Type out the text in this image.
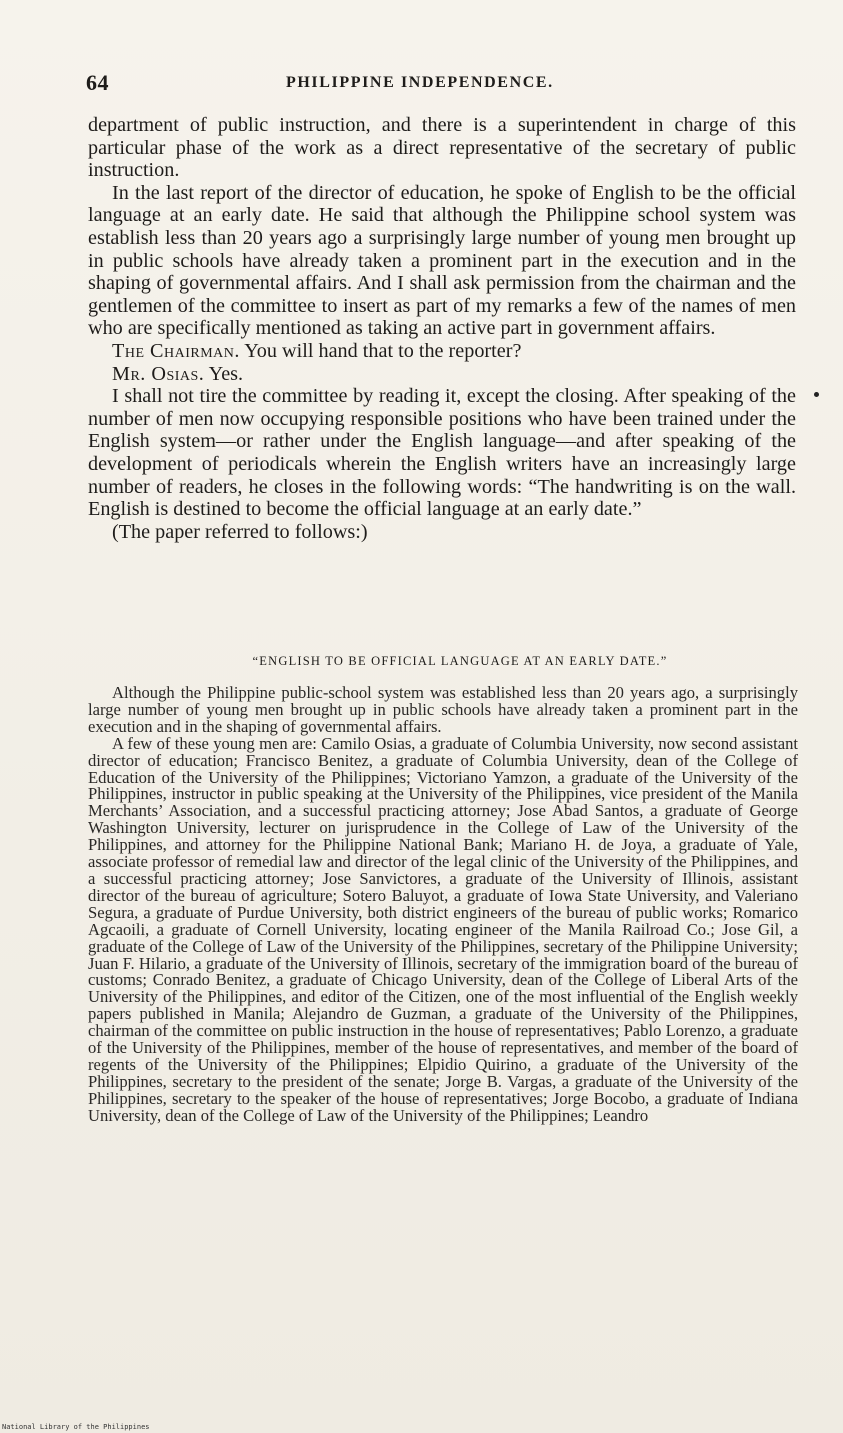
64	PHILIPPINE INDEPENDENCE.

department of public instruction, and there is a superintendent in charge of this particular phase of the work as a direct representative of the secretary of public instruction.

In the last report of the director of education, he spoke of English to be the official language at an early date. He said that although the Philippine school system was establish less than 20 years ago a surprisingly large number of young men brought up in public schools have already taken a prominent part in the execution and in the shaping of governmental affairs. And I shall ask permission from the chairman and the gentlemen of the committee to insert as part of my remarks a few of the names of men who are specifically mentioned as taking an active part in government affairs.

The Chairman. You will hand that to the reporter?

Mr. Osias. Yes.

I shall not tire the committee by reading it, except the closing. After speaking of the number of men now occupying responsible positions who have been trained under the English system—or rather under the English language—and after speaking of the development of periodicals wherein the English writers have an increasingly large number of readers, he closes in the following words: “The handwriting is on the wall. English is destined to become the official language at an early date.”

(The paper referred to follows:)

“ENGLISH TO BE OFFICIAL LANGUAGE AT AN EARLY DATE.”

Although the Philippine public-school system was established less than 20 years ago, a surprisingly large number of young men brought up in public schools have already taken a prominent part in the execution and in the shaping of governmental affairs.

A few of these young men are: Camilo Osias, a graduate of Columbia University, now second assistant director of education; Francisco Benitez, a graduate of Columbia University, dean of the College of Education of the University of the Philippines; Victoriano Yamzon, a graduate of the University of the Philippines, instructor in public speaking at the University of the Philippines, vice president of the Manila Merchants’ Association, and a successful practicing attorney; Jose Abad Santos, a graduate of George Washington University, lecturer on jurisprudence in the College of Law of the University of the Philippines, and attorney for the Philippine National Bank; Mariano H. de Joya, a graduate of Yale, associate professor of remedial law and director of the legal clinic of the University of the Philippines, and a successful practicing attorney; Jose Sanvictores, a graduate of the University of Illinois, assistant director of the bureau of agriculture; Sotero Baluyot, a graduate of Iowa State University, and Valeriano Segura, a graduate of Purdue University, both district engineers of the bureau of public works; Romarico Agcaoili, a graduate of Cornell University, locating engineer of the Manila Railroad Co.; Jose Gil, a graduate of the College of Law of the University of the Philippines, secretary of the Philippine University; Juan F. Hilario, a graduate of the University of Illinois, secretary of the immigration board of the bureau of customs; Conrado Benitez, a graduate of Chicago University, dean of the College of Liberal Arts of the University of the Philippines, and editor of the Citizen, one of the most influential of the English weekly papers published in Manila; Alejandro de Guzman, a graduate of the University of the Philippines, chairman of the committee on public instruction in the house of representatives; Pablo Lorenzo, a graduate of the University of the Philippines, member of the house of representatives, and member of the board of regents of the University of the Philippines; Elpidio Quirino, a graduate of the University of the Philippines, secretary to the president of the senate; Jorge B. Vargas, a graduate of the University of the Philippines, secretary to the speaker of the house of representatives; Jorge Bocobo, a graduate of Indiana University, dean of the College of Law of the University of the Philippines; Leandro

National Library of the Philippines
